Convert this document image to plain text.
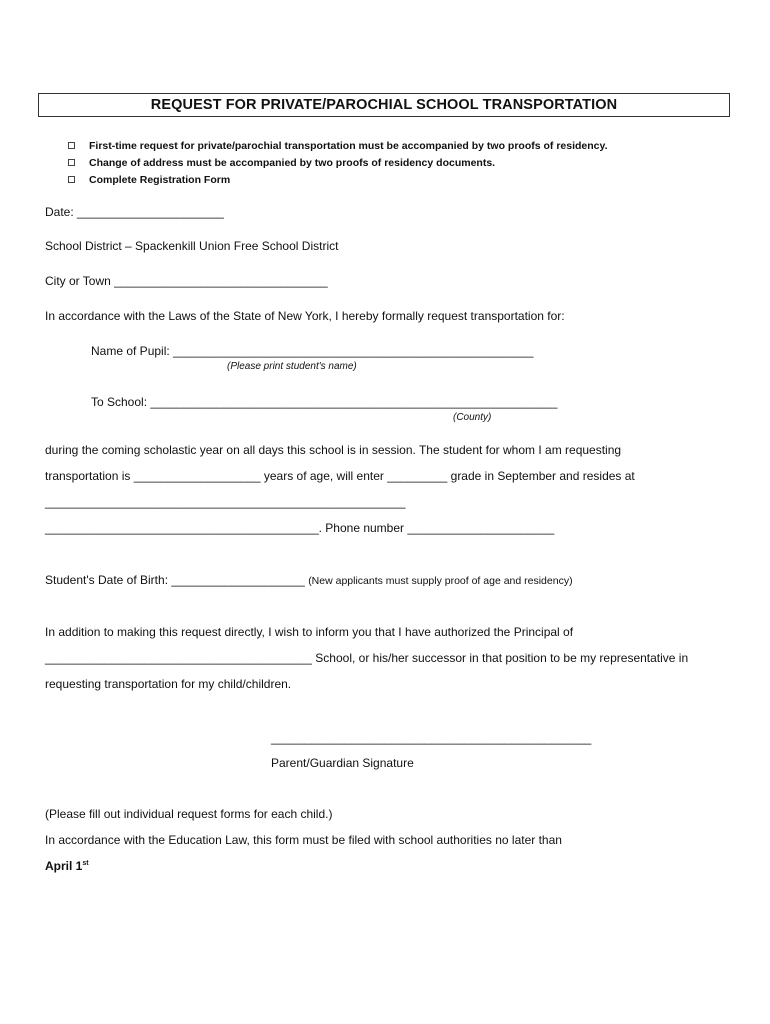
REQUEST FOR PRIVATE/PAROCHIAL SCHOOL TRANSPORTATION
First-time request for private/parochial transportation must be accompanied by two proofs of residency.
Change of address must be accompanied by two proofs of residency documents.
Complete Registration Form
Date: ______________________
School District – Spackenkill Union Free School District
City or Town ________________________________
In accordance with the Laws of the State of New York, I hereby formally request transportation for:
Name of Pupil: ______________________________________________________
(Please print student's name)
To School: _____________________________________________________________
(County)
during the coming scholastic year on all days this school is in session. The student for whom I am requesting
transportation is ___________________ years of age, will enter _________ grade in September and resides at
______________________________________________________
_________________________________________. Phone number ______________________
Student's Date of Birth: ____________________ (New applicants must supply proof of age and residency)
In addition to making this request directly, I wish to inform you that I have authorized the Principal of
________________________________________ School, or his/her successor in that position to be my representative in
requesting transportation for my child/children.
________________________________________________
Parent/Guardian Signature
(Please fill out individual request forms for each child.)
In accordance with the Education Law, this form must be filed with school authorities no later than
April 1st
